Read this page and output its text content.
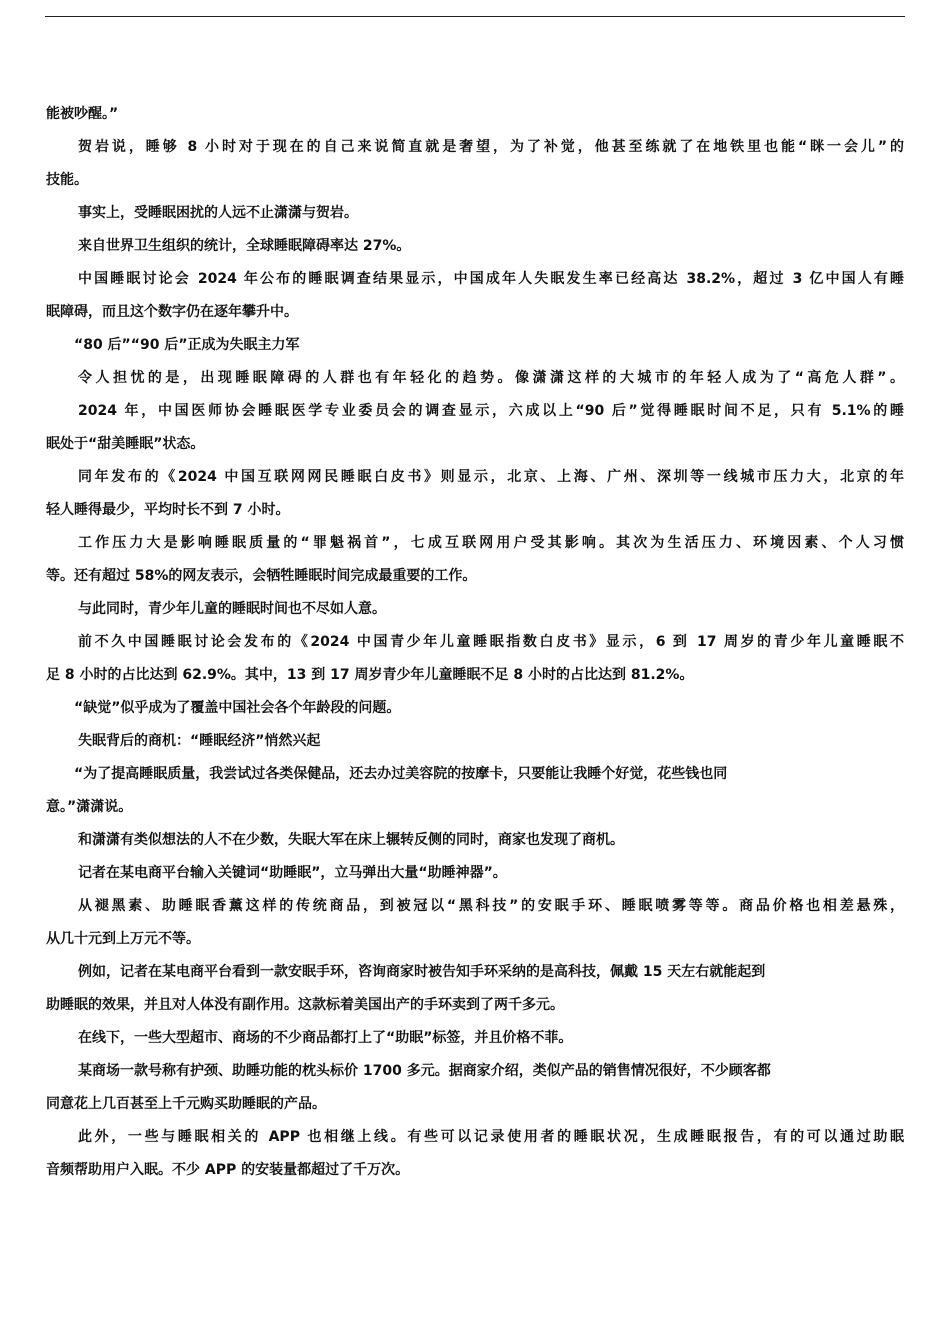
能被吵醒。”
贺岩说，睡够 8 小时对于现在的自己来说简直就是奢望，为了补觉，他甚至练就了在地铁里也能“眯一会儿”的
技能。
事实上，受睡眠困扰的人远不止潇潇与贺岩。
来自世界卫生组织的统计，全球睡眠障碍率达 27%。
中国睡眠讨论会 2024 年公布的睡眠调查结果显示，中国成年人失眠发生率已经高达 38.2%，超过 3 亿中国人有睡
眠障碍，而且这个数字仍在逐年攀升中。
“80 后”“90 后”正成为失眠主力军
令人担忧的是，出现睡眠障碍的人群也有年轻化的趋势。像潇潇这样的大城市的年轻人成为了“高危人群”。
2024 年，中国医师协会睡眠医学专业委员会的调查显示，六成以上“90 后”觉得睡眠时间不足，只有 5.1%的睡
眠处于“甜美睡眠”状态。
同年发布的《2024 中国互联网网民睡眠白皮书》则显示，北京、上海、广州、深圳等一线城市压力大，北京的年
轻人睡得最少，平均时长不到 7 小时。
工作压力大是影响睡眠质量的“罪魁祸首”，七成互联网用户受其影响。其次为生活压力、环境因素、个人习惯
等。还有超过 58%的网友表示，会牺牲睡眠时间完成最重要的工作。
与此同时，青少年儿童的睡眠时间也不尽如人意。
前不久中国睡眠讨论会发布的《2024 中国青少年儿童睡眠指数白皮书》显示，6 到 17 周岁的青少年儿童睡眠不
足 8 小时的占比达到 62.9%。其中，13 到 17 周岁青少年儿童睡眠不足 8 小时的占比达到 81.2%。
“缺觉”似乎成为了覆盖中国社会各个年龄段的问题。
失眠背后的商机：“睡眠经济”悄然兴起
“为了提高睡眠质量，我尝试过各类保健品，还去办过美容院的按摩卡，只要能让我睡个好觉，花些钱也同
意。”潇潇说。
和潇潇有类似想法的人不在少数，失眠大军在床上辗转反侧的同时，商家也发现了商机。
记者在某电商平台输入关键词“助睡眠”，立马弹出大量“助睡神器”。
从褪黑素、助睡眠香薰这样的传统商品，到被冠以“黑科技”的安眠手环、睡眠喷雾等等。商品价格也相差悬殊，
从几十元到上万元不等。
例如，记者在某电商平台看到一款安眠手环，咨询商家时被告知手环采纳的是高科技，佩戴 15 天左右就能起到
助睡眠的效果，并且对人体没有副作用。这款标着美国出产的手环卖到了两千多元。
在线下，一些大型超市、商场的不少商品都打上了“助眠”标签，并且价格不菲。
某商场一款号称有护颈、助睡功能的枕头标价 1700 多元。据商家介绍，类似产品的销售情况很好，不少顾客都
同意花上几百甚至上千元购买助睡眠的产品。
此外，一些与睡眠相关的 APP 也相继上线。有些可以记录使用者的睡眠状况，生成睡眠报告，有的可以通过助眠
音频帮助用户入眠。不少 APP 的安装量都超过了千万次。
